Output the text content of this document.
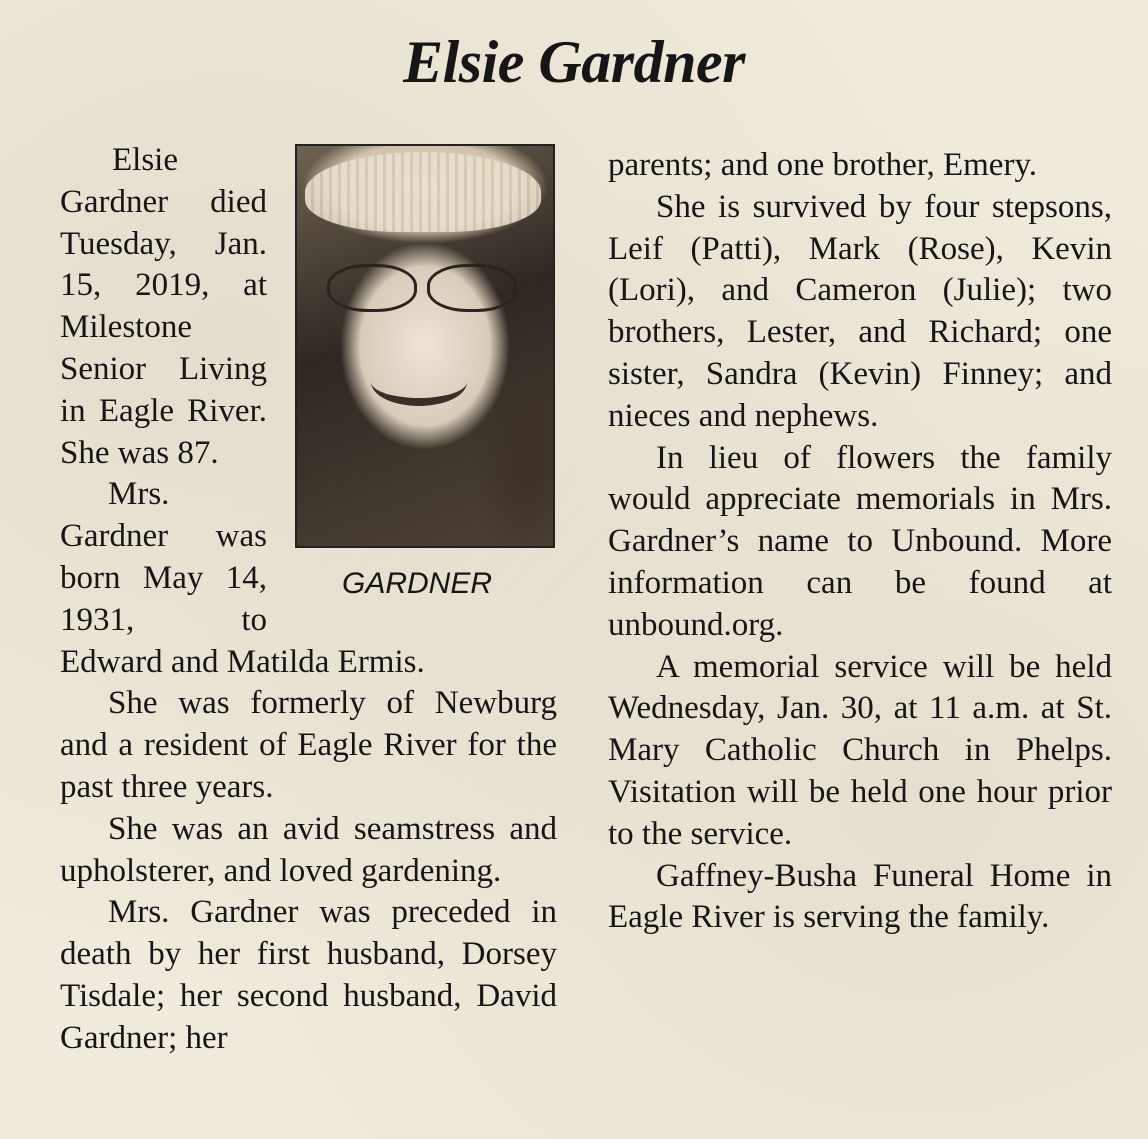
Elsie Gardner
GARDNER

Elsie Gardner died Tuesday, Jan. 15, 2019, at Milestone Senior Living in Eagle River. She was 87.

Mrs. Gardner was born May 14, 1931, to Edward and Matilda Ermis.

She was formerly of Newburg and a resident of Eagle River for the past three years.

She was an avid seamstress and upholsterer, and loved gardening.

Mrs. Gardner was preceded in death by her first husband, Dorsey Tisdale; her second husband, David Gardner; her

parents; and one brother, Emery.

She is survived by four stepsons, Leif (Patti), Mark (Rose), Kevin (Lori), and Cameron (Julie); two brothers, Lester, and Richard; one sister, Sandra (Kevin) Finney; and nieces and nephews.

In lieu of flowers the family would appreciate memorials in Mrs. Gardner’s name to Unbound. More information can be found at unbound.org.

A memorial service will be held Wednesday, Jan. 30, at 11 a.m. at St. Mary Catholic Church in Phelps. Visitation will be held one hour prior to the service.

Gaffney-Busha Funeral Home in Eagle River is serving the family.
